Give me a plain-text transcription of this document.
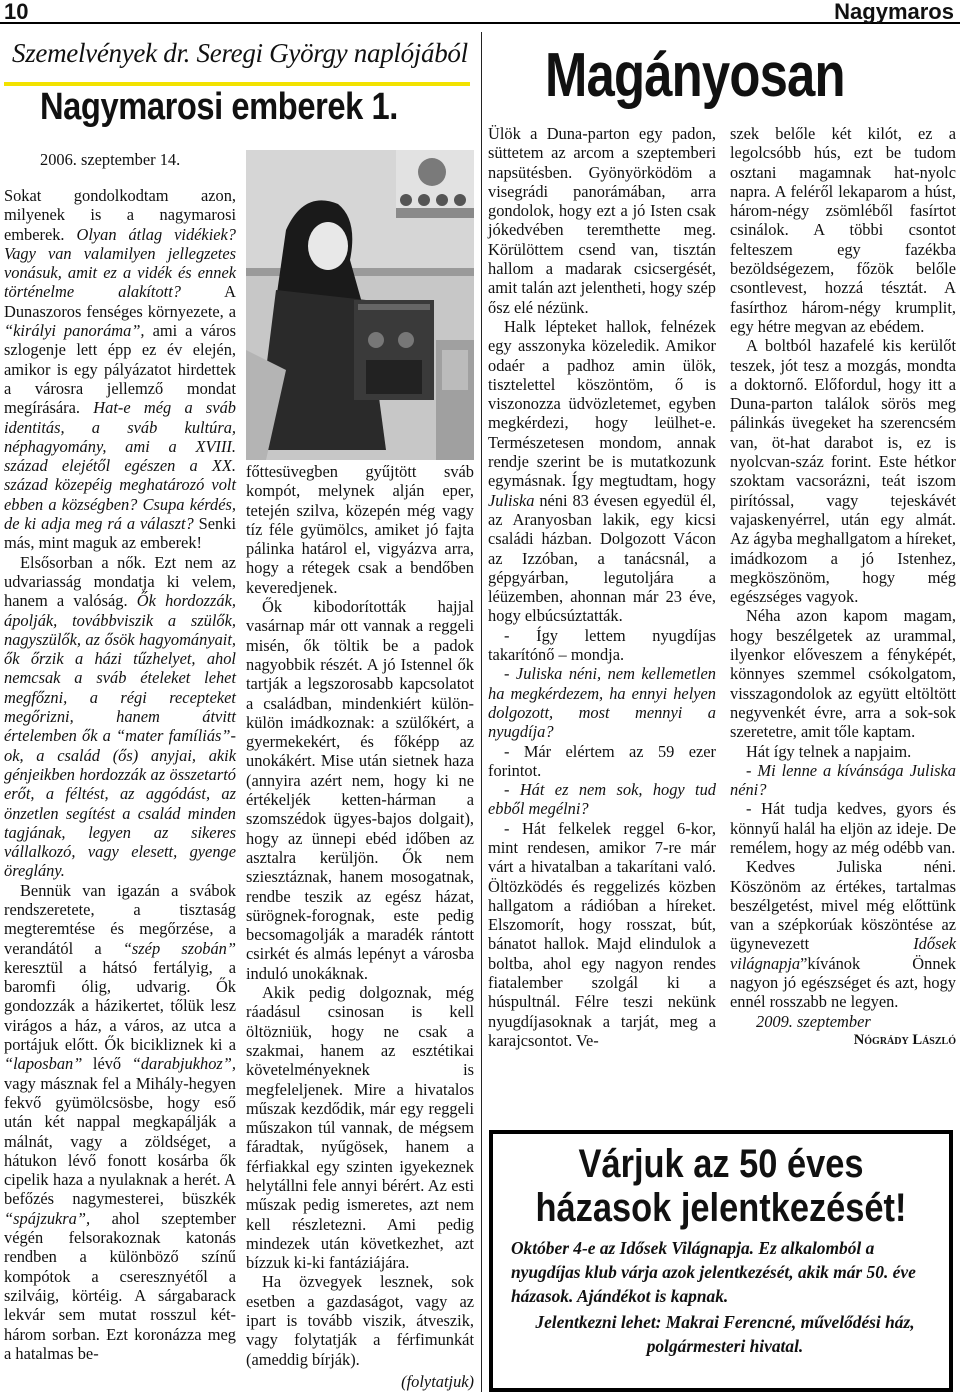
10	Nagymaros
Szemelvények dr. Seregi György naplójából
Nagymarosi emberek 1.
2006. szeptember 14.

Sokat gondolkodtam azon, milyenek is a nagymarosi emberek. Olyan átlag vidékiek? Vagy van valamilyen jellegzetes vonásuk, amit ez a vidék és ennek történelme alakított?	A Dunaszoros fenséges környezete, a “királyi panoráma”, ami a város szlogenje lett épp ez év elején, amikor is egy pályázatot hirdettek a városra jellemző mondat megírására. Hat-e még a sváb identitás, a sváb kultúra, néphagyomány, ami a XVIII. század elejétől egészen a XX. század közepéig meghatározó volt ebben a községben? Csupa kérdés, de ki adja meg rá a választ? Senki más, mint maguk az emberek!

Elsősorban a nők. Ezt nem az udvariasság mondatja ki velem, hanem a valóság. Ők hordozzák, ápolják, továbbviszik a szülők, nagyszülők, az ősök hagyományait, ők őrzik a házi tűzhelyet, ahol nemcsak a sváb ételeket lehet megfőzni, a régi recepteket megőrizni, hanem átvitt értelemben ők a “mater famíliás”-ok, a család (ős) anyjai, akik génjeikben hordozzák az összetartó erőt, a féltést, az aggódást, az önzetlen segítést a család minden tagjának, legyen az sikeres vállalkozó, vagy elesett, gyenge öreglány.

Bennük van igazán a svábok rendszeretete, a tisztaság megteremtése és megőrzése, a verandától a “szép szobán” keresztül a hátsó fertályig, a baromfi ólig, udvarig. Ők gondozzák a házikertet, tőlük lesz virágos a ház, a város, az utca a portájuk előtt. Ők bicikliznek ki a “laposban” lévő “darabjukhoz”, vagy másznak fel a Mihály-hegyen fekvő gyümölcsösbe, hogy eső után két nappal megkapálják a málnát, vagy a zöldséget, a hátukon lévő fonott kosárba ők cipelik haza a nyulaknak a herét. A befőzés nagymesterei, büszkék “spájzukra”, ahol szeptember végén felsorakoznak katonás rendben a különböző színű kompótok a cseresznyétől a szilváig, körtéig. A sárgabarack lekvár sem mutat rosszul két-három sorban. Ezt koronázza meg a hatalmas be-

főttesüvegben gyűjtött sváb kompót, melynek alján eper, tetején szilva, közepén még vagy tíz féle gyümölcs, amiket jó fajta pálinka határol el, vigyázva arra, hogy a rétegek csak a bendőben keveredjenek.

Ők kibodorították hajjal vasárnap már ott vannak a reggeli misén, ők töltik be a padok nagyobbik részét. A jó Istennel ők tartják a legszorosabb kapcsolatot a családban, mindenkiért külön-külön imádkoznak: a szülőkért, a gyermekekért, és főképp az unokákért. Mise után sietnek haza (annyira azért nem, hogy ki ne értékeljék ketten-hárman a szomszédok ügyes-bajos dolgait), hogy az ünnepi ebéd időben az asztalra kerüljön. Ők nem sziesztáznak, hanem mosogatnak, rendbe teszik az egész házat, sürögnek-forognak, este pedig becsomagolják a maradék rántott csirkét és almás lepényt a városba induló unokáknak.

Akik pedig dolgoznak, még ráadásul csinosan is kell öltözniük, hogy ne csak a szakmai, hanem az esztétikai követelményeknek is megfeleljenek. Mire a hivatalos műszak kezdődik, már egy reggeli műszakon túl vannak, de mégsem fáradtak, nyűgösek, hanem a férfiakkal egy szinten igyekeznek helytállni fele annyi bérért. Az esti műszak pedig ismeretes, azt nem kell részletezni. Ami pedig mindezek után következhet, azt bízzuk ki-ki fantáziájára.

Ha özvegyek lesznek, sok esetben a gazdaságot, vagy az ipart is tovább viszik, átveszik, vagy folytatják a férfimunkát (ameddig bírják).

(folytatjuk)

Magányosan

Ülök a Duna-parton egy padon, süttetem az arcom a szeptemberi napsütésben. Gyönyörködöm a visegrádi panorámában, arra gondolok, hogy ezt a jó Isten csak jókedvében teremthette meg. Körülöttem csend van, tisztán hallom a madarak csicsergését, amit talán azt jelentheti, hogy szép ősz elé nézünk.

Halk lépteket hallok, felnézek egy asszonyka közeledik. Amikor odaér a padhoz amin ülök, tisztelettel köszöntöm, ő is viszonozza üdvözletemet, egyben megkérdezi, hogy leülhet-e. Természetesen mondom, annak rendje szerint be is mutatkozunk egymásnak. Így megtudtam, hogy Juliska néni 83 évesen egyedül él, az Aranyosban lakik, egy kicsi családi házban. Dolgozott Vácon az Izzóban, a tanácsnál, a gépgyárban, legutoljára a léüzemben, ahonnan már 23 éve, hogy elbúcsúztatták.

- Így lettem nyugdíjas takarítónő – mondja.

- Juliska néni, nem kellemetlen ha megkérdezem, ha ennyi helyen dolgozott, most mennyi a nyugdíja?

- Már elértem az 59 ezer forintot.

- Hát ez nem sok, hogy tud ebből megélni?

- Hát felkelek reggel 6-kor, mint rendesen, amikor 7-re már várt a hivatalban a takarítani való. Öltözködés és reggelizés közben hallgatom a rádióban a híreket. Elszomorít, hogy rosszat, bút, bánatot hallok. Majd elindulok a boltba, ahol egy nagyon rendes fiatalember szolgál ki a húspultnál. Félre teszi nekünk nyugdíjasoknak a tarját, meg a karajcsontot. Ve-

szek belőle két kilót, ez a legolcsóbb hús, ezt be tudom osztani magamnak hat-nyolc napra. A feléről lekaparom a húst, három-négy zsömléből fasírtot csinálok. A többi csontot felteszem egy fazékba bezöldségezem, főzök belőle csontlevest, hozzá tésztát. A fasírthoz három-négy krumplit, egy hétre megvan az ebédem.

A boltból hazafelé kis kerülőt teszek, jót tesz a mozgás, mondta a doktornő. Előfordul, hogy itt a Duna-parton találok sörös meg pálinkás üvegeket ha szerencsém van, öt-hat darabot is, ez is nyolcvan-száz forint. Este hétkor szoktam vacsorázni, teát iszom pirítóssal, vagy tejeskávét vajaskenyérrel, után egy almát. Az ágyba meghallgatom a híreket, imádkozom a jó Istenhez, megköszönöm, hogy még egészséges vagyok.

Néha azon kapom magam, hogy beszélgetek az urammal, ilyenkor előveszem a fényképét, könnyes szemmel csókolgatom, visszagondolok az együtt eltöltött negyvenkét évre, arra a sok-sok szeretetre, amit tőle kaptam.

Hát így telnek a napjaim.

- Mi lenne a kívánsága Juliska néni?

- Hát tudja kedves, gyors és könnyű halál ha eljön az ideje. De remélem, hogy az még odébb van.

Kedves Juliska néni. Köszönöm az értékes, tartalmas beszélgetést, mivel még előttünk van a szépkorúak köszöntése az ügynevezett	Idősek világnapja”kívánok Önnek nagyon jó egészséget és azt, hogy ennél rosszabb ne legyen.

2009. szeptember

Nógrády László

Várjuk az 50 éves
házasok jelentkezését!

Október 4-e az Idősek Világnapja. Ez alkalomból a nyugdíjas klub várja azok jelentkezését, akik már 50. éve házasok. Ajándékot is kapnak.

Jelentkezni lehet: Makrai Ferencné, művelődési ház, polgármesteri hivatal.
